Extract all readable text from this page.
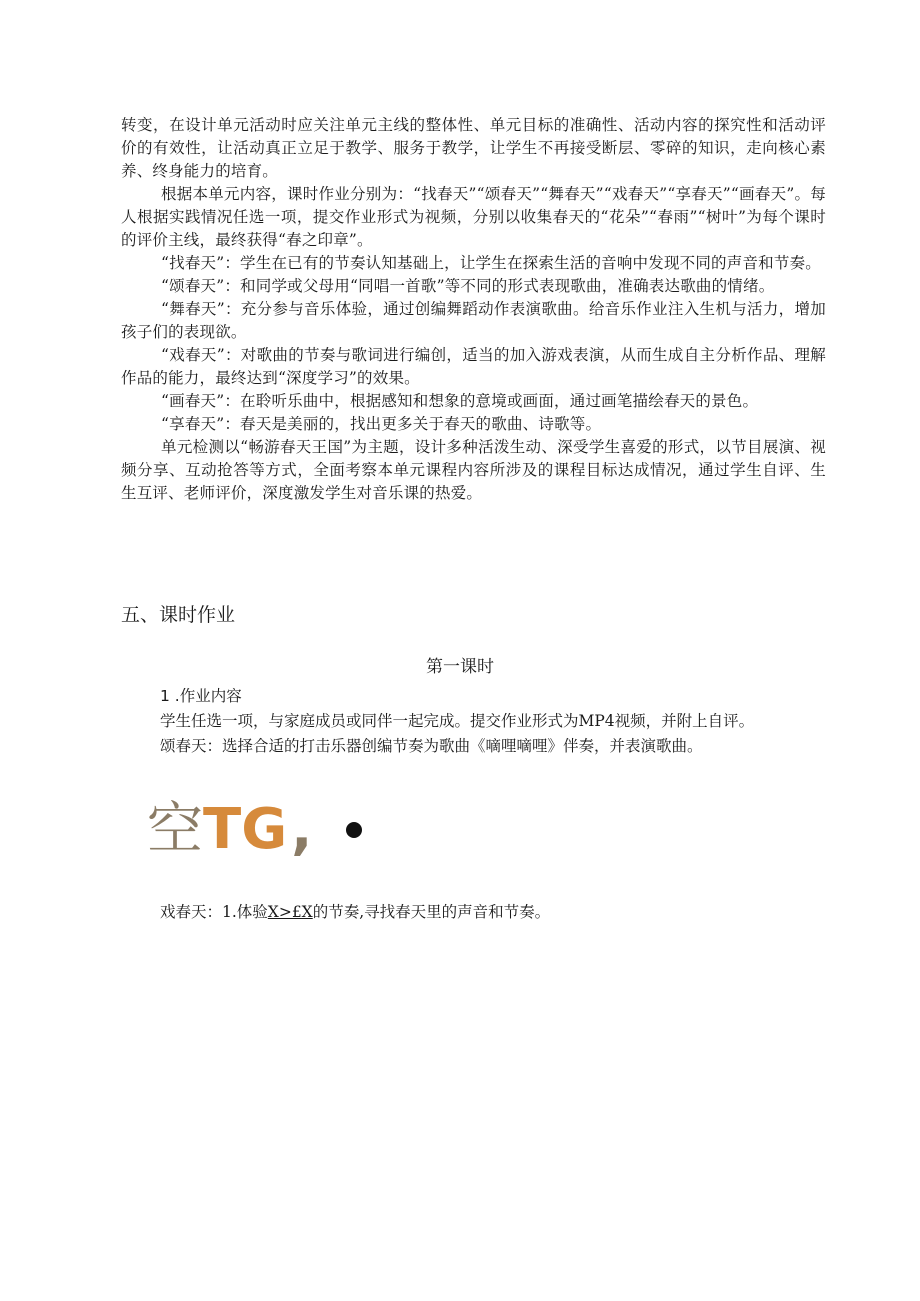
转变，在设计单元活动时应关注单元主线的整体性、单元目标的准确性、活动内容的探究性和活动评价的有效性，让活动真正立足于教学、服务于教学，让学生不再接受断层、零碎的知识，走向核心素养、终身能力的培育。

根据本单元内容，课时作业分别为：“找春天”“颂春天”“舞春天”“戏春天”“享春天”“画春天”。每人根据实践情况任选一项，提交作业形式为视频，分别以收集春天的“花朵”“春雨”“树叶”为每个课时的评价主线，最终获得“春之印章”。

“找春天”：学生在已有的节奏认知基础上，让学生在探索生活的音响中发现不同的声音和节奏。

“颂春天”：和同学或父母用“同唱一首歌”等不同的形式表现歌曲，准确表达歌曲的情绪。

“舞春天”：充分参与音乐体验，通过创编舞蹈动作表演歌曲。给音乐作业注入生机与活力，增加孩子们的表现欲。

“戏春天”：对歌曲的节奏与歌词进行编创，适当的加入游戏表演，从而生成自主分析作品、理解作品的能力，最终达到“深度学习”的效果。

“画春天”：在聆听乐曲中，根据感知和想象的意境或画面，通过画笔描绘春天的景色。

“享春天”：春天是美丽的，找出更多关于春天的歌曲、诗歌等。

单元检测以“畅游春天王国”为主题，设计多种活泼生动、深受学生喜爱的形式，以节目展演、视频分享、互动抢答等方式，全面考察本单元课程内容所涉及的课程目标达成情况，通过学生自评、生生互评、老师评价，深度激发学生对音乐课的热爱。

五、课时作业
第一课时

1 .作业内容

学生任选一项，与家庭成员或同伴一起完成。提交作业形式为MP4视频，并附上自评。

颂春天：选择合适的打击乐器创编节奏为歌曲《嘀哩嘀哩》伴奏，并表演歌曲。

空 TG ,
戏春天：1.体验X>£X的节奏,寻找春天里的声音和节奏。
